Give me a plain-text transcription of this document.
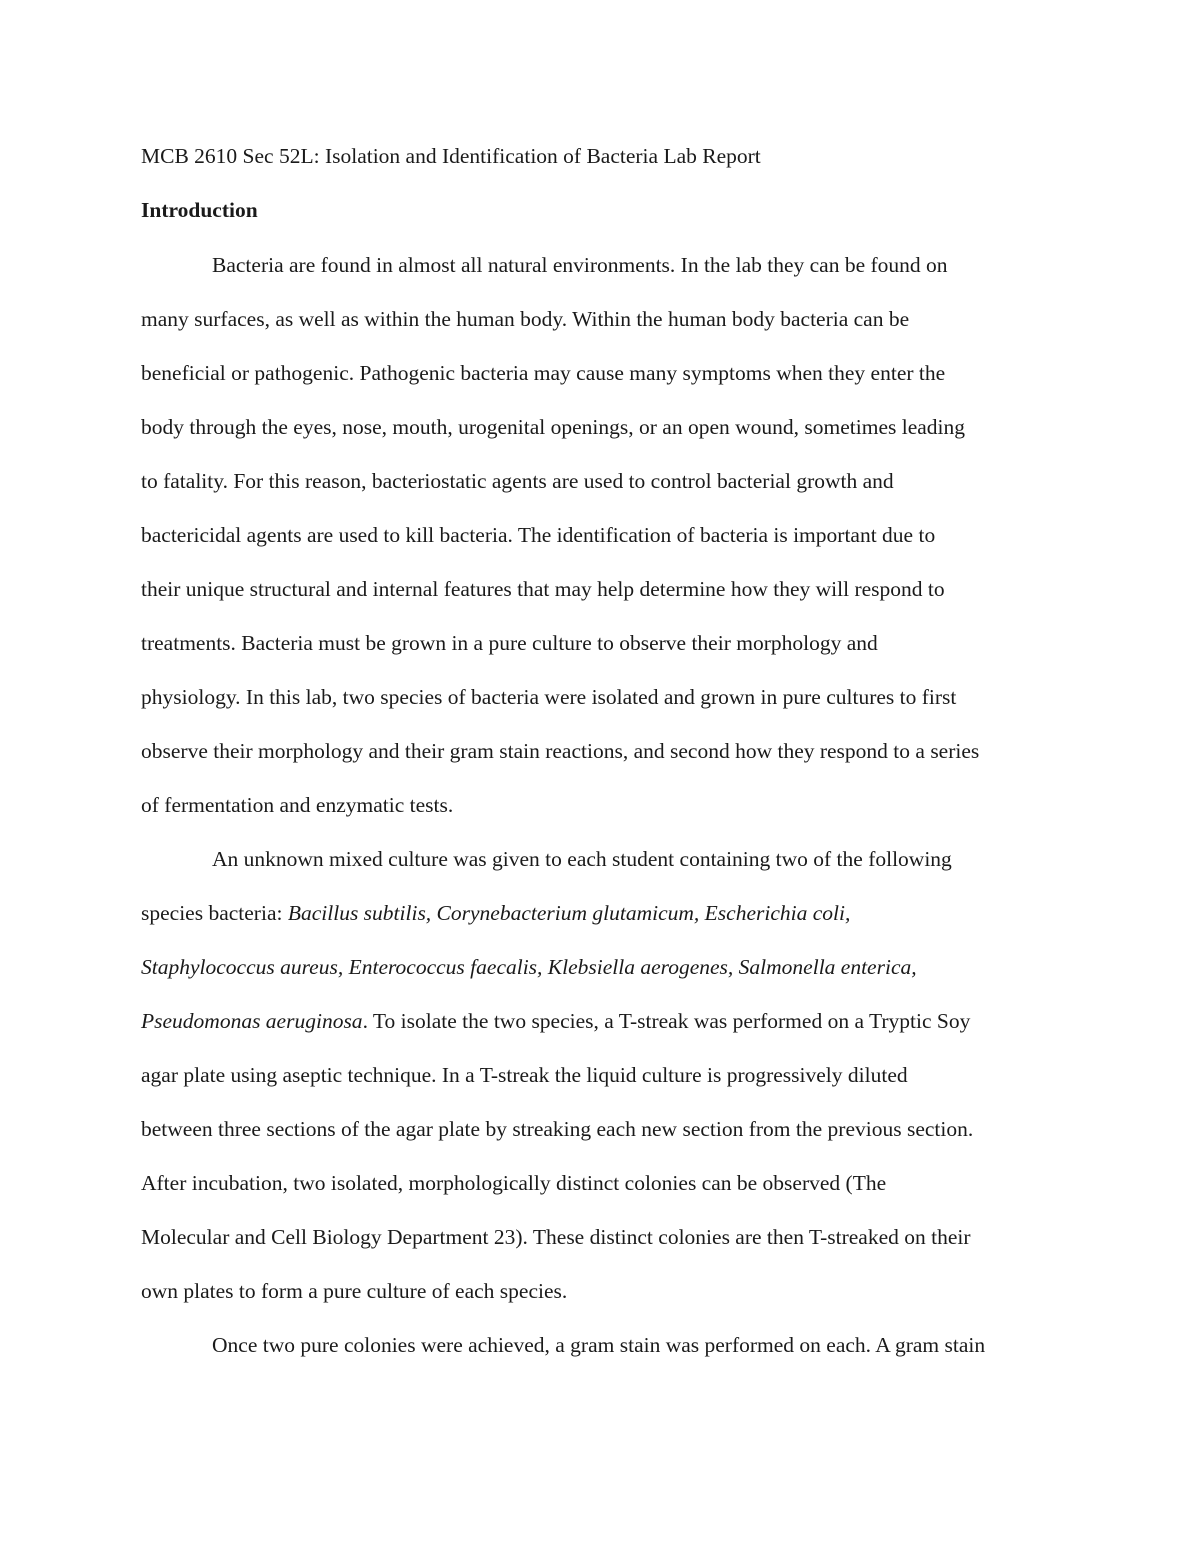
MCB 2610 Sec 52L: Isolation and Identification of Bacteria Lab Report

Introduction

Bacteria are found in almost all natural environments. In the lab they can be found on

many surfaces, as well as within the human body. Within the human body bacteria can be

beneficial or pathogenic. Pathogenic bacteria may cause many symptoms when they enter the

body through the eyes, nose, mouth, urogenital openings, or an open wound, sometimes leading

to fatality. For this reason, bacteriostatic agents are used to control bacterial growth and

bactericidal agents are used to kill bacteria. The identification of bacteria is important due to

their unique structural and internal features that may help determine how they will respond to

treatments. Bacteria must be grown in a pure culture to observe their morphology and

physiology. In this lab, two species of bacteria were isolated and grown in pure cultures to first

observe their morphology and their gram stain reactions, and second how they respond to a series

of fermentation and enzymatic tests.

An unknown mixed culture was given to each student containing two of the following

species bacteria: Bacillus subtilis, Corynebacterium glutamicum, Escherichia coli,

Staphylococcus aureus, Enterococcus faecalis, Klebsiella aerogenes, Salmonella enterica,

Pseudomonas aeruginosa. To isolate the two species, a T-streak was performed on a Tryptic Soy

agar plate using aseptic technique. In a T-streak the liquid culture is progressively diluted

between three sections of the agar plate by streaking each new section from the previous section.

After incubation, two isolated, morphologically distinct colonies can be observed (The

Molecular and Cell Biology Department 23). These distinct colonies are then T-streaked on their

own plates to form a pure culture of each species.

Once two pure colonies were achieved, a gram stain was performed on each. A gram stain
